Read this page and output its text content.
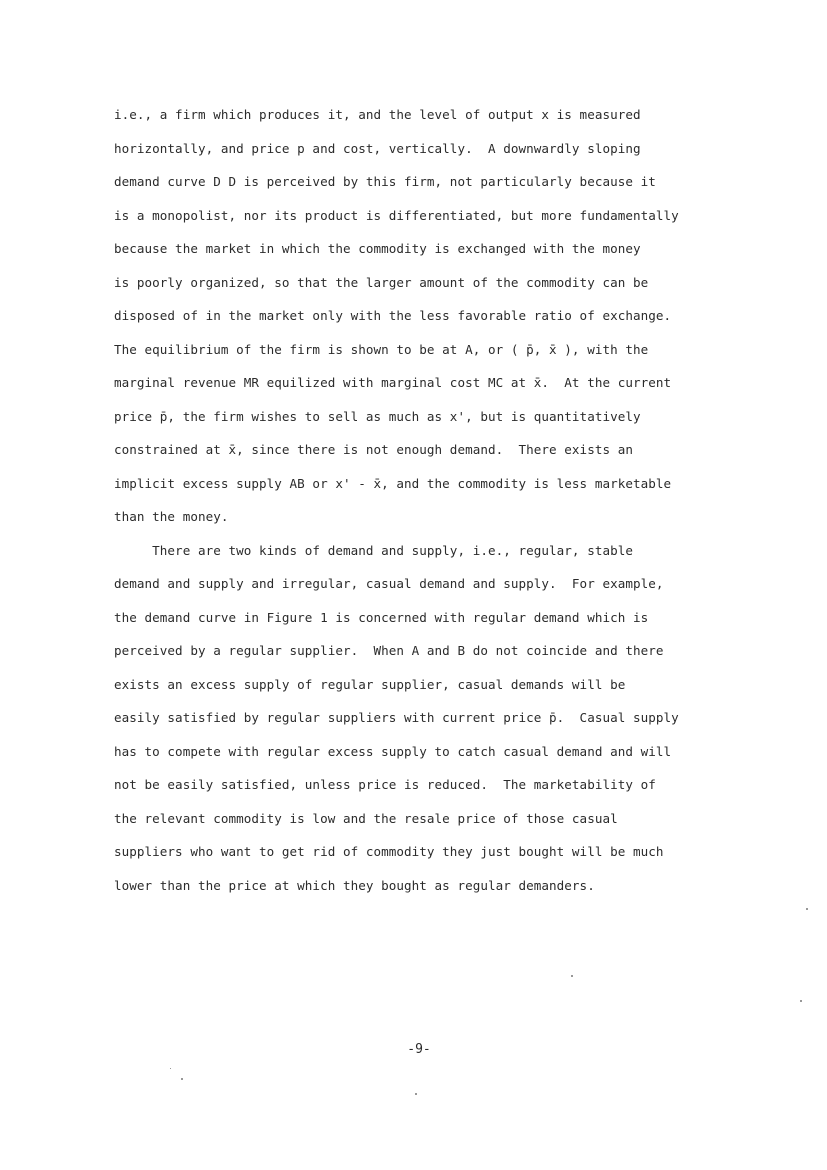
i.e., a firm which produces it, and the level of output x is measured
horizontally, and price p and cost, vertically.  A downwardly sloping
demand curve D D is perceived by this firm, not particularly because it
is a monopolist, nor its product is differentiated, but more fundamentally
because the market in which the commodity is exchanged with the money
is poorly organized, so that the larger amount of the commodity can be
disposed of in the market only with the less favorable ratio of exchange.
The equilibrium of the firm is shown to be at A, or ( p̄, x̄ ), with the
marginal revenue MR equilized with marginal cost MC at x̄.  At the current
price p̄, the firm wishes to sell as much as x', but is quantitatively
constrained at x̄, since there is not enough demand.  There exists an
implicit excess supply AB or x' - x̄, and the commodity is less marketable
than the money.
There are two kinds of demand and supply, i.e., regular, stable
demand and supply and irregular, casual demand and supply.  For example,
the demand curve in Figure 1 is concerned with regular demand which is
perceived by a regular supplier.  When A and B do not coincide and there
exists an excess supply of regular supplier, casual demands will be
easily satisfied by regular suppliers with current price p̄.  Casual supply
has to compete with regular excess supply to catch casual demand and will
not be easily satisfied, unless price is reduced.  The marketability of
the relevant commodity is low and the resale price of those casual
suppliers who want to get rid of commodity they just bought will be much
lower than the price at which they bought as regular demanders.
-9-
